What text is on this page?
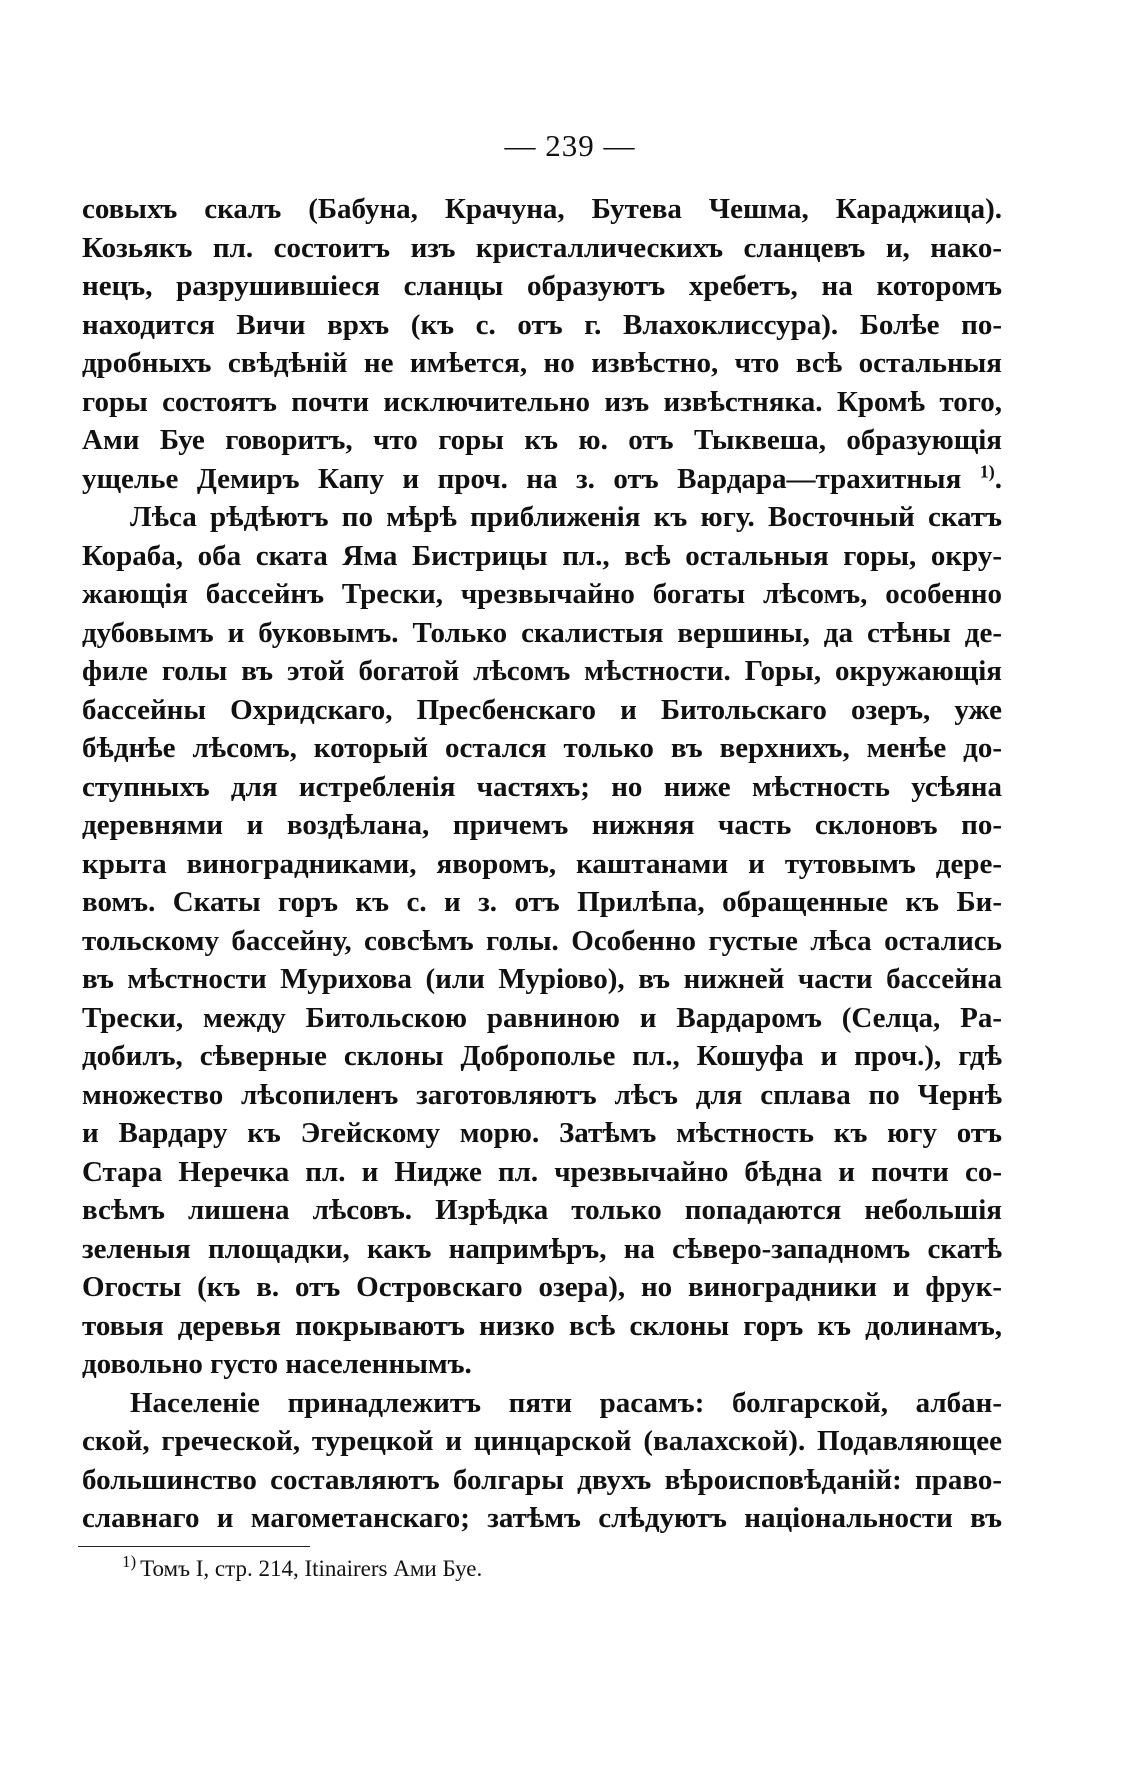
— 239 —
совыхъ скалъ (Бабуна, Крачуна, Бутева Чешма, Караджица).
Козьякъ пл. состоитъ изъ кристаллическихъ сланцевъ и, нако-
нецъ, разрушившіеся сланцы образуютъ хребетъ, на которомъ
находится Вичи врхъ (къ с. отъ г. Влахоклиссура). Болѣе по-
дробныхъ свѣдѣній не имѣется, но извѣстно, что всѣ остальныя
горы состоятъ почти исключительно изъ извѣстняка. Кромѣ того,
Ами Буе говоритъ, что горы къ ю. отъ Тыквеша, образующія
ущелье Демиръ Капу и проч. на з. отъ Вардара—трахитныя $^{1)}$.
Лѣса рѣдѣютъ по мѣрѣ приближенія къ югу. Восточный скатъ
Кораба, оба ската Яма Бистрицы пл., всѣ остальныя горы, окру-
жающія бассейнъ Трески, чрезвычайно богаты лѣсомъ, особенно
дубовымъ и буковымъ. Только скалистыя вершины, да стѣны де-
филе голы въ этой богатой лѣсомъ мѣстности. Горы, окружающія
бассейны Охридскаго, Пресбенскаго и Битольскаго озеръ, уже
бѣднѣе лѣсомъ, который остался только въ верхнихъ, менѣе до-
ступныхъ для истребленія частяхъ; но ниже мѣстность усѣяна
деревнями и воздѣлана, причемъ нижняя часть склоновъ по-
крыта виноградниками, яворомъ, каштанами и тутовымъ дере-
вомъ. Скаты горъ къ с. и з. отъ Прилѣпа, обращенные къ Би-
тольскому бассейну, совсѣмъ голы. Особенно густые лѣса остались
въ мѣстности Мурихова (или Муріово), въ нижней части бассейна
Трески, между Битольскою равниною и Вардаромъ (Селца, Ра-
добилъ, сѣверные склоны Доброполье пл., Кошуфа и проч.), гдѣ
множество лѣсопиленъ заготовляютъ лѣсъ для сплава по Чернѣ
и Вардару къ Эгейскому морю. Затѣмъ мѣстность къ югу отъ
Стара Неречка пл. и Нидже пл. чрезвычайно бѣдна и почти со-
всѣмъ лишена лѣсовъ. Изрѣдка только попадаются небольшія
зеленыя площадки, какъ напримѣръ, на сѣверо-западномъ скатѣ
Огосты (къ в. отъ Островскаго озера), но виноградники и фрук-
товыя деревья покрываютъ низко всѣ склоны горъ къ долинамъ,
довольно густо населеннымъ.
Населеніе принадлежитъ пяти расамъ: болгарской, албан-
ской, греческой, турецкой и цинцарской (валахской). Подавляющее
большинство составляютъ болгары двухъ вѣроисповѣданій: право-
славнаго и магометанскаго; затѣмъ слѣдуютъ національности въ
$^{1)}$ Томъ I, стр. 214, Itinairers Ами Буе.
